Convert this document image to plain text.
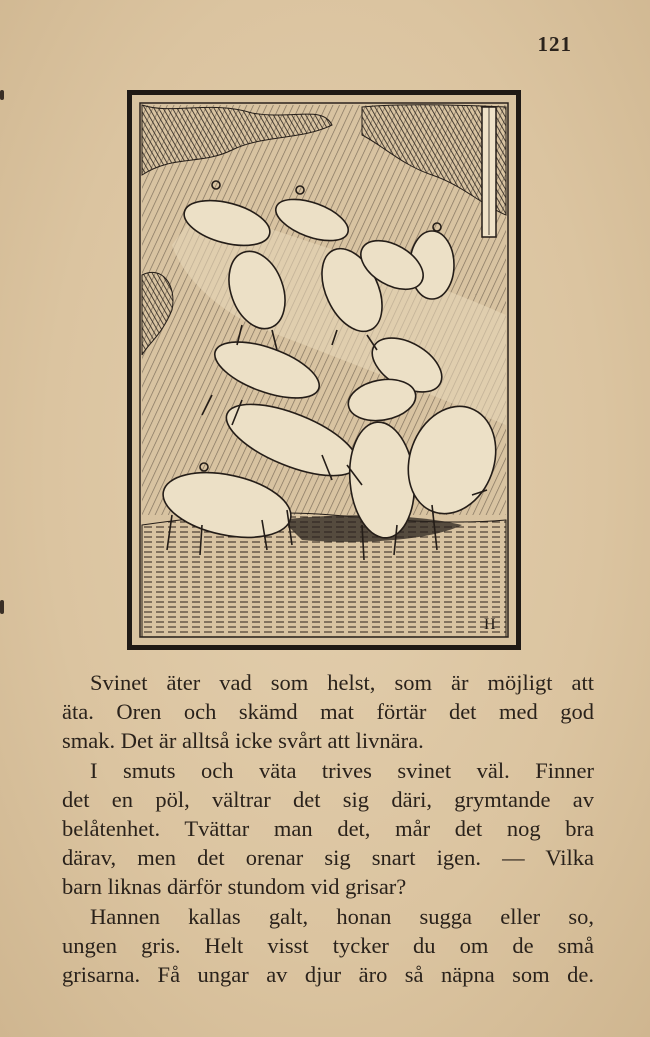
121
H

Svinet äter vad som helst, som är möjligt att
äta. Oren och skämd mat förtär det med god
smak. Det är alltså icke svårt att livnära.

I smuts och väta trives svinet väl. Finner
det en pöl, vältrar det sig däri, grymtande av
belåtenhet. Tvättar man det, mår det nog bra
därav, men det orenar sig snart igen. — Vilka
barn liknas därför stundom vid grisar?

Hannen kallas galt, honan sugga eller so,
ungen gris. Helt visst tycker du om de små
grisarna. Få ungar av djur äro så näpna som de.
